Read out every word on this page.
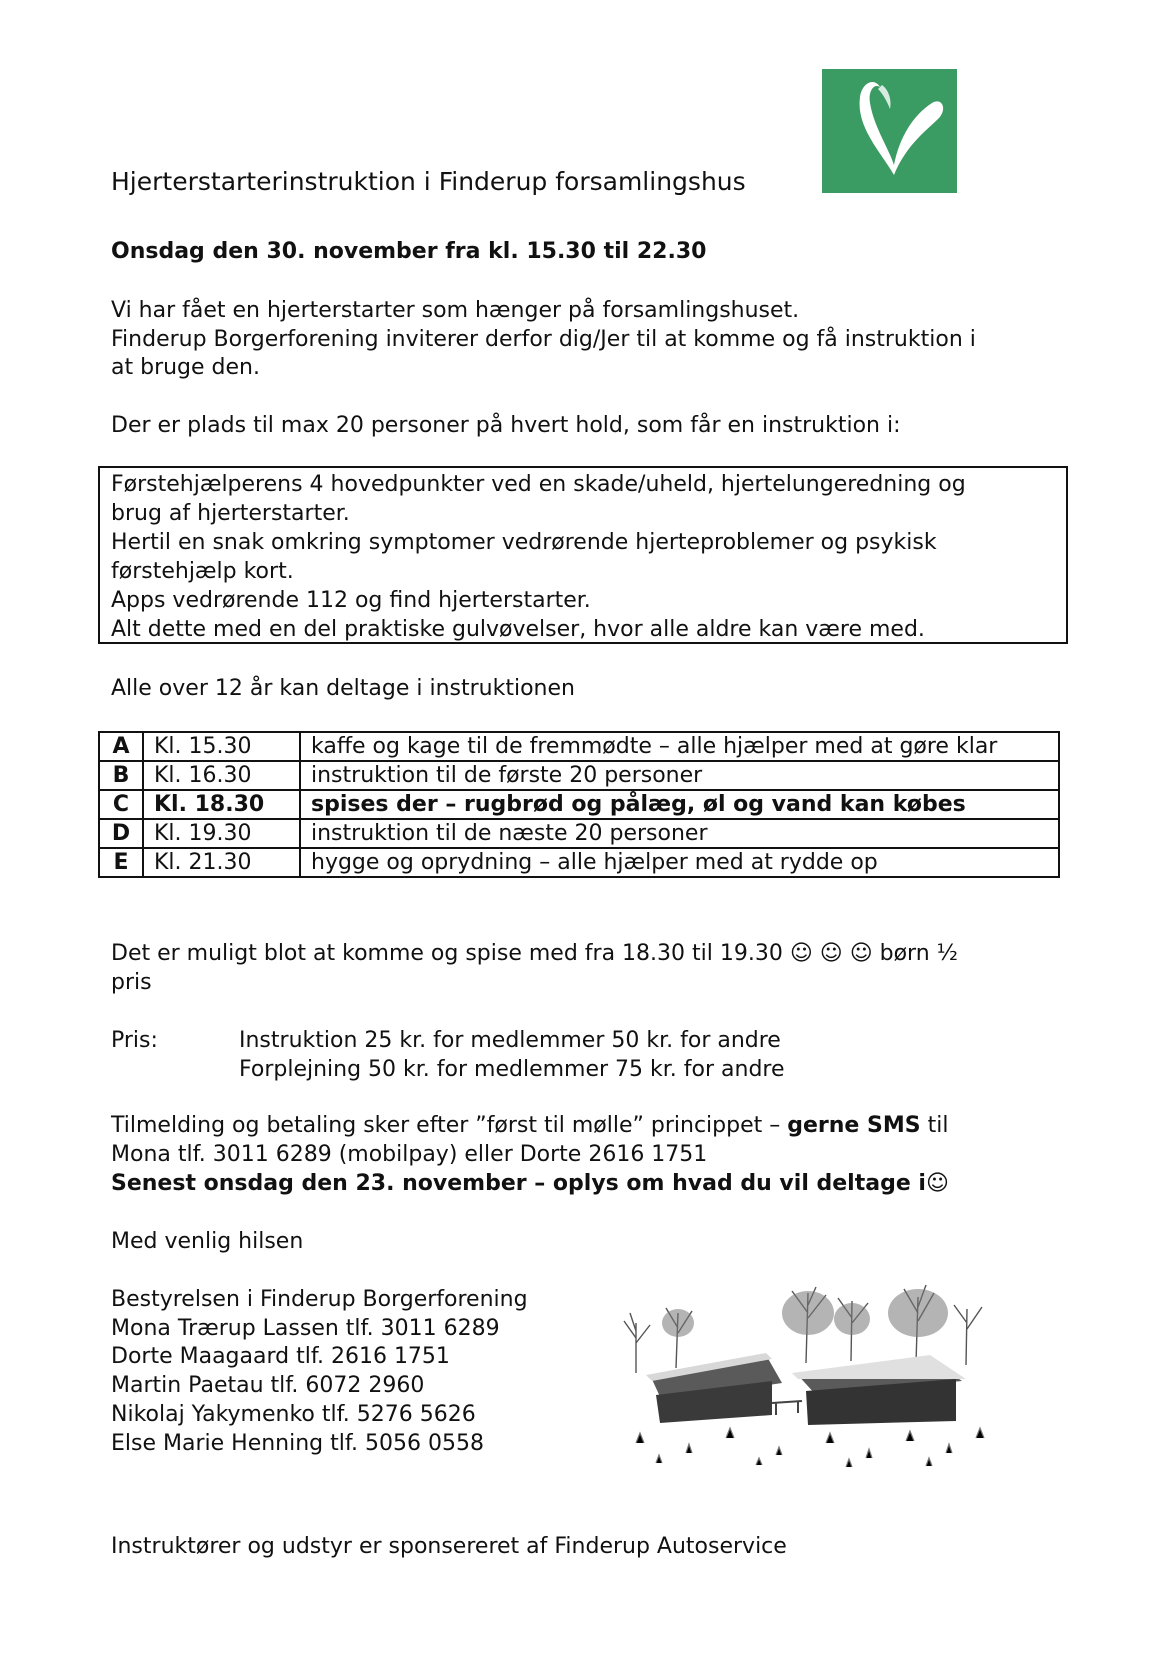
Hjerterstarterinstruktion i Finderup forsamlingshus
Onsdag den 30. november fra kl. 15.30 til 22.30
Vi har fået en hjerterstarter som hænger på forsamlingshuset.
Finderup Borgerforening inviterer derfor dig/Jer til at komme og få instruktion i
at bruge den.
Der er plads til max 20 personer på hvert hold, som får en instruktion i:
Førstehjælperens 4 hovedpunkter ved en skade/uheld, hjertelungeredning og
brug af hjerterstarter.
Hertil en snak omkring symptomer vedrørende hjerteproblemer og psykisk
førstehjælp kort.
Apps vedrørende 112 og find hjerterstarter.
Alt dette med en del praktiske gulvøvelser, hvor alle aldre kan være med.
Alle over 12 år kan deltage i instruktionen
A	Kl. 15.30	kaffe og kage til de fremmødte – alle hjælper med at gøre klar
B	Kl. 16.30	instruktion til de første 20 personer
C	Kl. 18.30	spises der – rugbrød og pålæg, øl og vand kan købes
D	Kl. 19.30	instruktion til de næste 20 personer
E	Kl. 21.30	hygge og oprydning – alle hjælper med at rydde op
Det er muligt blot at komme og spise med fra 18.30 til 19.30 ☺ ☺ ☺ børn ½
pris
Pris:	Instruktion 25 kr. for medlemmer 50 kr. for andre
Forplejning 50 kr. for medlemmer 75 kr. for andre
Tilmelding og betaling sker efter ”først til mølle” princippet – gerne SMS til
Mona tlf. 3011 6289 (mobilpay) eller Dorte 2616 1751
Senest onsdag den 23. november – oplys om hvad du vil deltage i☺
Med venlig hilsen
Bestyrelsen i Finderup Borgerforening
Mona Trærup Lassen tlf. 3011 6289
Dorte Maagaard tlf. 2616 1751
Martin Paetau tlf. 6072 2960
Nikolaj Yakymenko tlf. 5276 5626
Else Marie Henning tlf. 5056 0558
Instruktører og udstyr er sponsereret af Finderup Autoservice
